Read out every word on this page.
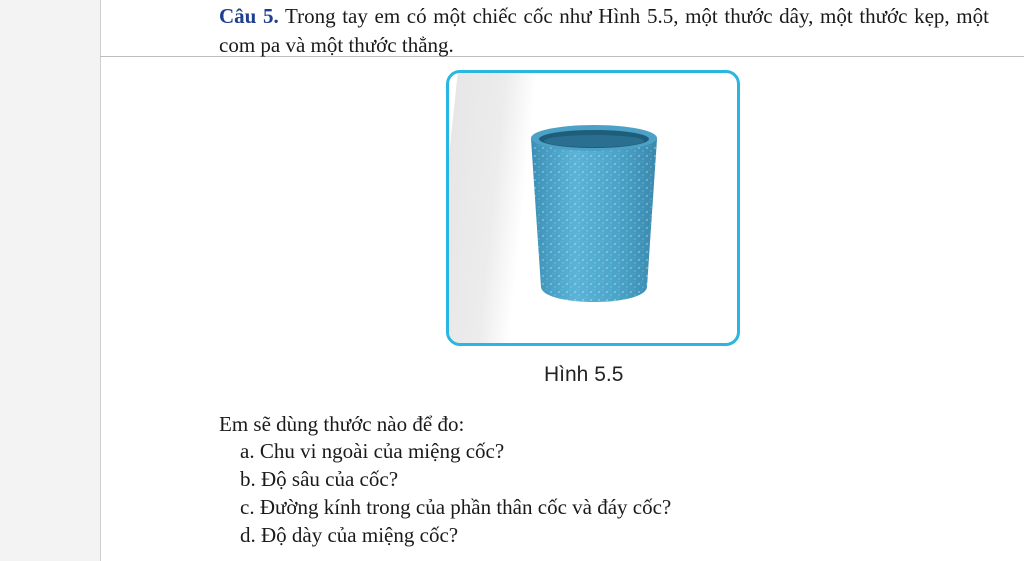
Câu 5. Trong tay em có một chiếc cốc như Hình 5.5, một thước dây, một thước kẹp, một com pa và một thước thẳng.
Hình 5.5
Em sẽ dùng thước nào để đo:
a. Chu vi ngoài của miệng cốc?
b. Độ sâu của cốc?
c. Đường kính trong của phần thân cốc và đáy cốc?
d. Độ dày của miệng cốc?
